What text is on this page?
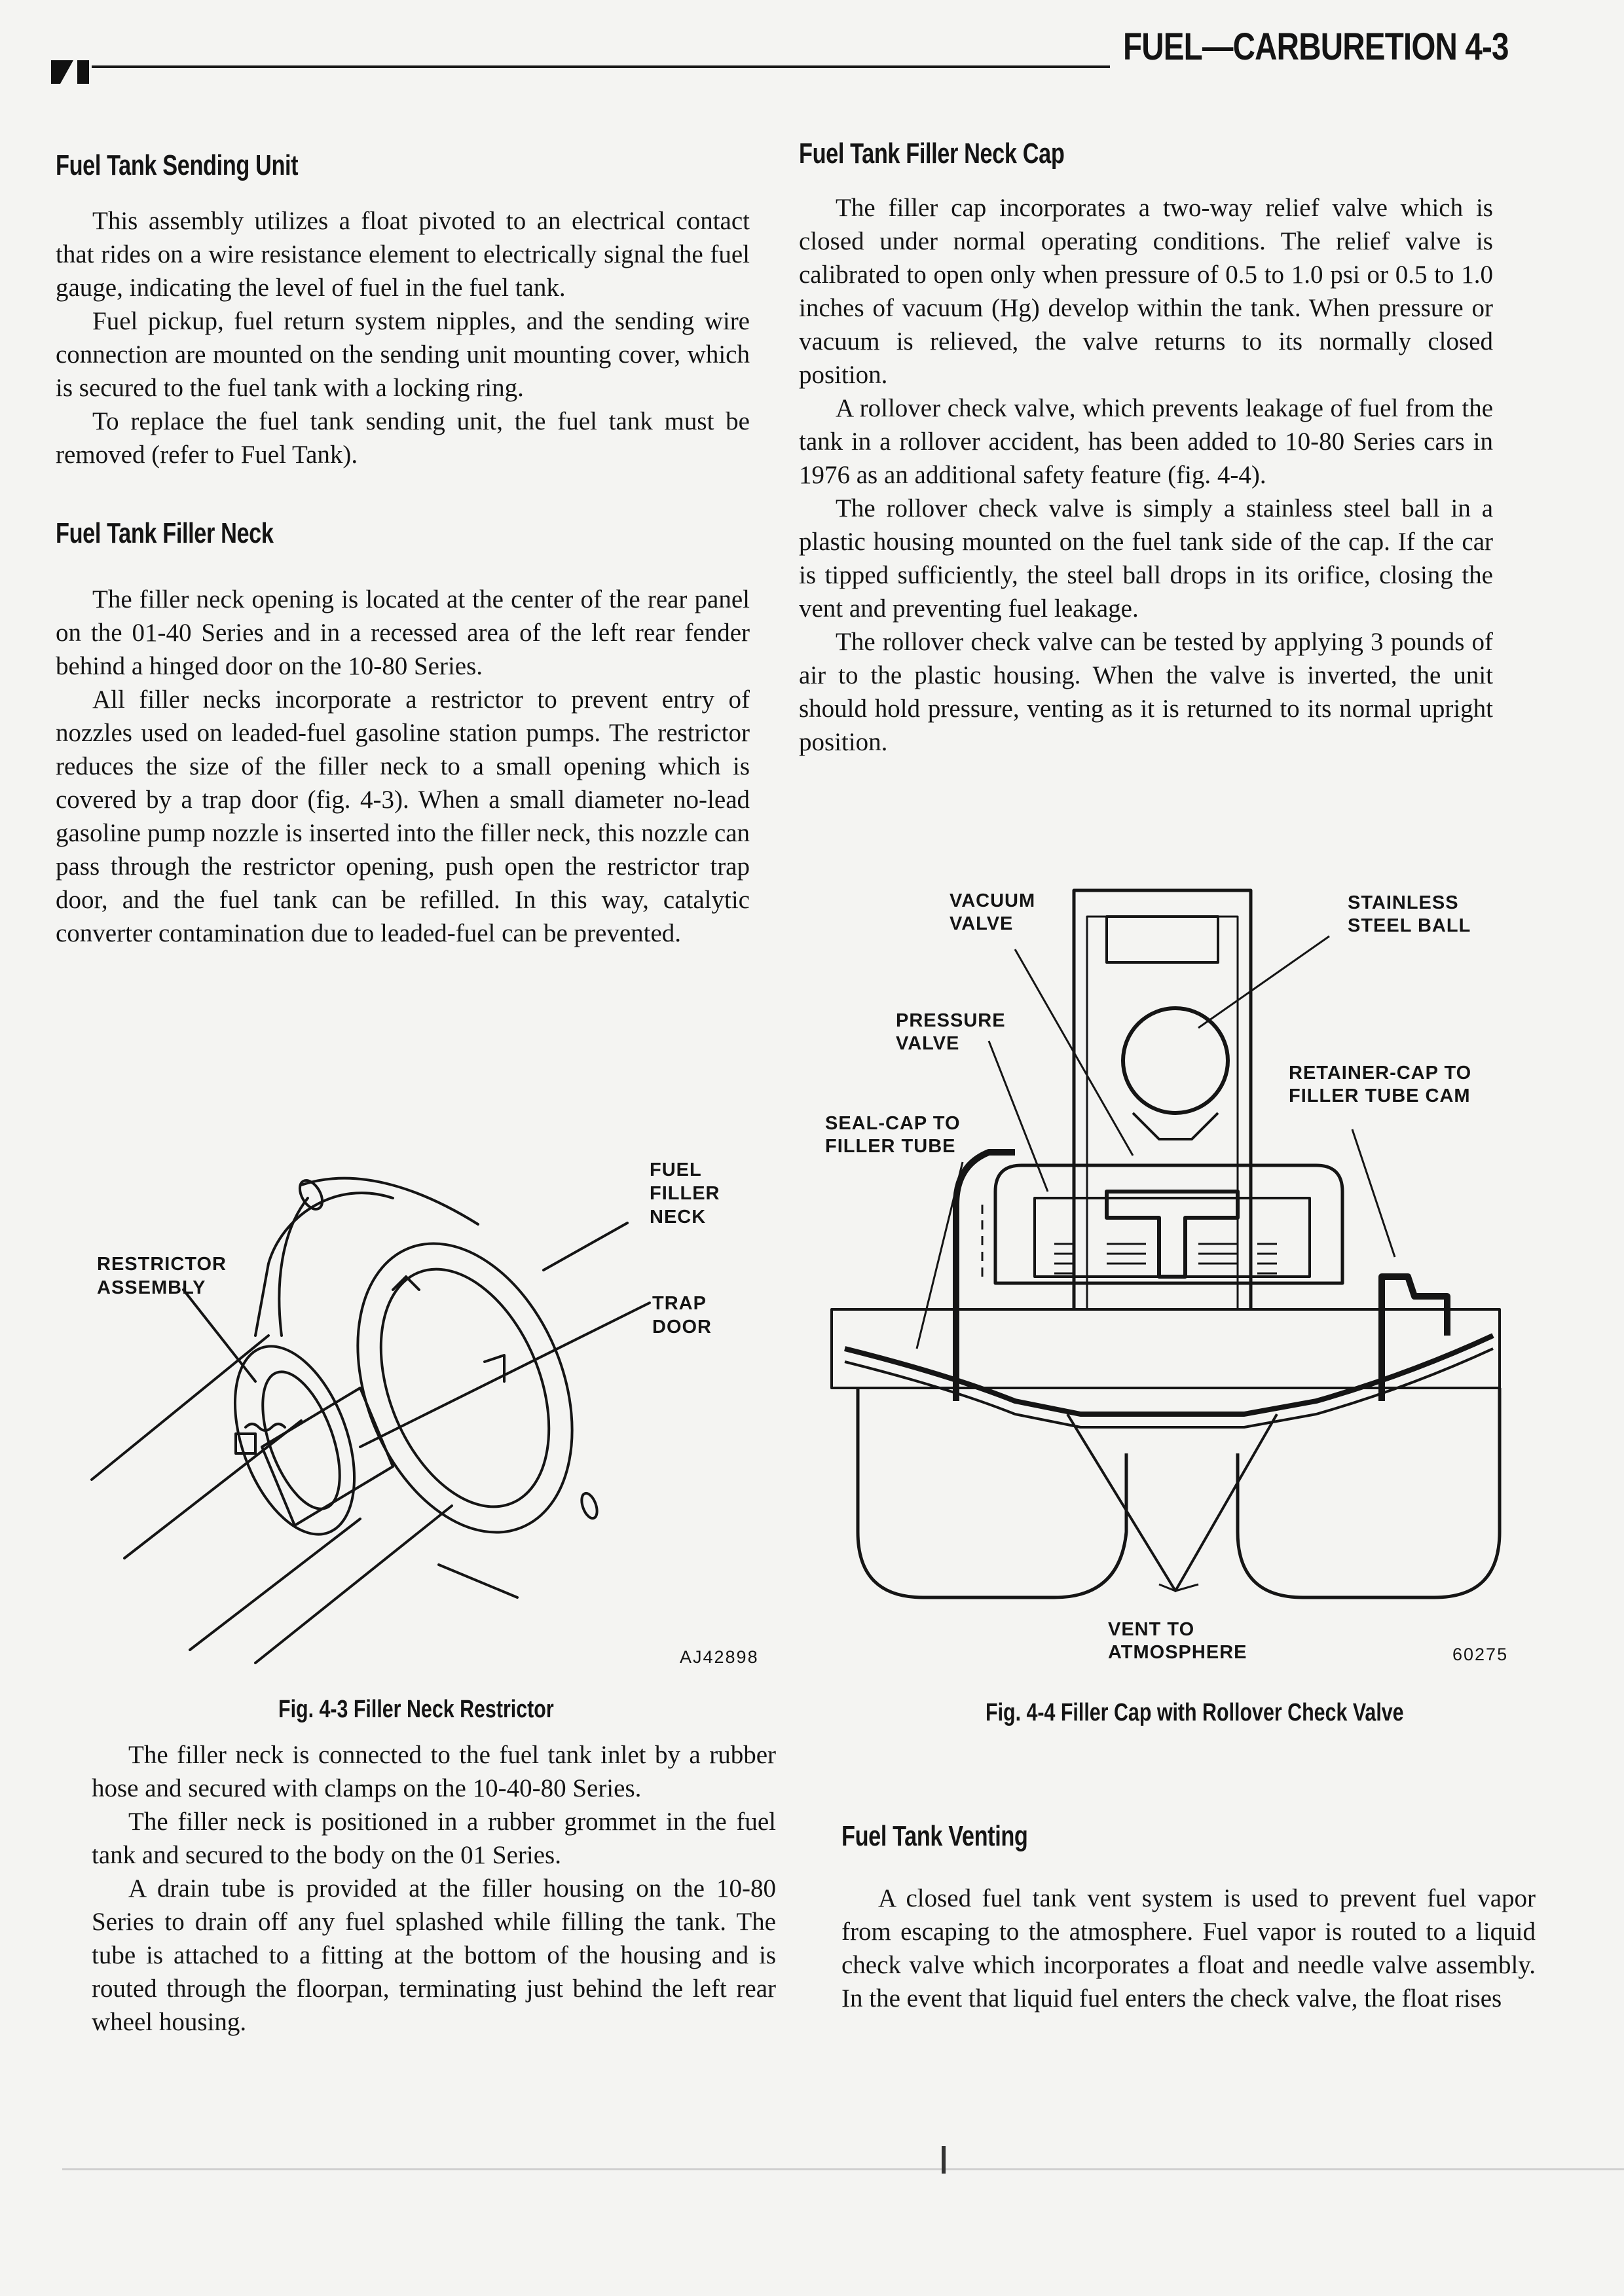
FUEL—CARBURETION 4-3
Fuel Tank Sending Unit

This assembly utilizes a float pivoted to an electrical contact that rides on a wire resistance element to electrically signal the fuel gauge, indicating the level of fuel in the fuel tank.

Fuel pickup, fuel return system nipples, and the sending wire connection are mounted on the sending unit mounting cover, which is secured to the fuel tank with a locking ring.

To replace the fuel tank sending unit, the fuel tank must be removed (refer to Fuel Tank).

Fuel Tank Filler Neck

The filler neck opening is located at the center of the rear panel on the 01-40 Series and in a recessed area of the left rear fender behind a hinged door on the 10-80 Series.

All filler necks incorporate a restrictor to prevent entry of nozzles used on leaded-fuel gasoline station pumps. The restrictor reduces the size of the filler neck to a small opening which is covered by a trap door (fig. 4-3). When a small diameter no-lead gasoline pump nozzle is inserted into the filler neck, this nozzle can pass through the restrictor opening, push open the restrictor trap door, and the fuel tank can be refilled. In this way, catalytic converter contamination due to leaded-fuel can be prevented.

FUEL
FILLER
NECK
RESTRICTOR
ASSEMBLY
TRAP
DOOR
AJ42898
Fig. 4-3 Filler Neck Restrictor

The filler neck is connected to the fuel tank inlet by a rubber hose and secured with clamps on the 10-40-80 Series.

The filler neck is positioned in a rubber grommet in the fuel tank and secured to the body on the 01 Series.

A drain tube is provided at the filler housing on the 10-80 Series to drain off any fuel splashed while filling the tank. The tube is attached to a fitting at the bottom of the housing and is routed through the floorpan, terminating just behind the left rear wheel housing.

Fuel Tank Filler Neck Cap

The filler cap incorporates a two-way relief valve which is closed under normal operating conditions. The relief valve is calibrated to open only when pressure of 0.5 to 1.0 psi or 0.5 to 1.0 inches of vacuum (Hg) develop within the tank. When pressure or vacuum is relieved, the valve returns to its normally closed position.

A rollover check valve, which prevents leakage of fuel from the tank in a rollover accident, has been added to 10-80 Series cars in 1976 as an additional safety feature (fig. 4-4).

The rollover check valve is simply a stainless steel ball in a plastic housing mounted on the fuel tank side of the cap. If the car is tipped sufficiently, the steel ball drops in its orifice, closing the vent and preventing fuel leakage.

The rollover check valve can be tested by applying 3 pounds of air to the plastic housing. When the valve is inverted, the unit should hold pressure, venting as it is returned to its normal upright position.

VACUUM
VALVE
STAINLESS
STEEL BALL
PRESSURE
VALVE
RETAINER-CAP TO
FILLER TUBE CAM
SEAL-CAP TO
FILLER TUBE
VENT TO
ATMOSPHERE	60275
Fig. 4-4 Filler Cap with Rollover Check Valve
Fuel Tank Venting

A closed fuel tank vent system is used to prevent fuel vapor from escaping to the atmosphere. Fuel vapor is routed to a liquid check valve which incorporates a float and needle valve assembly. In the event that liquid fuel enters the check valve, the float rises
